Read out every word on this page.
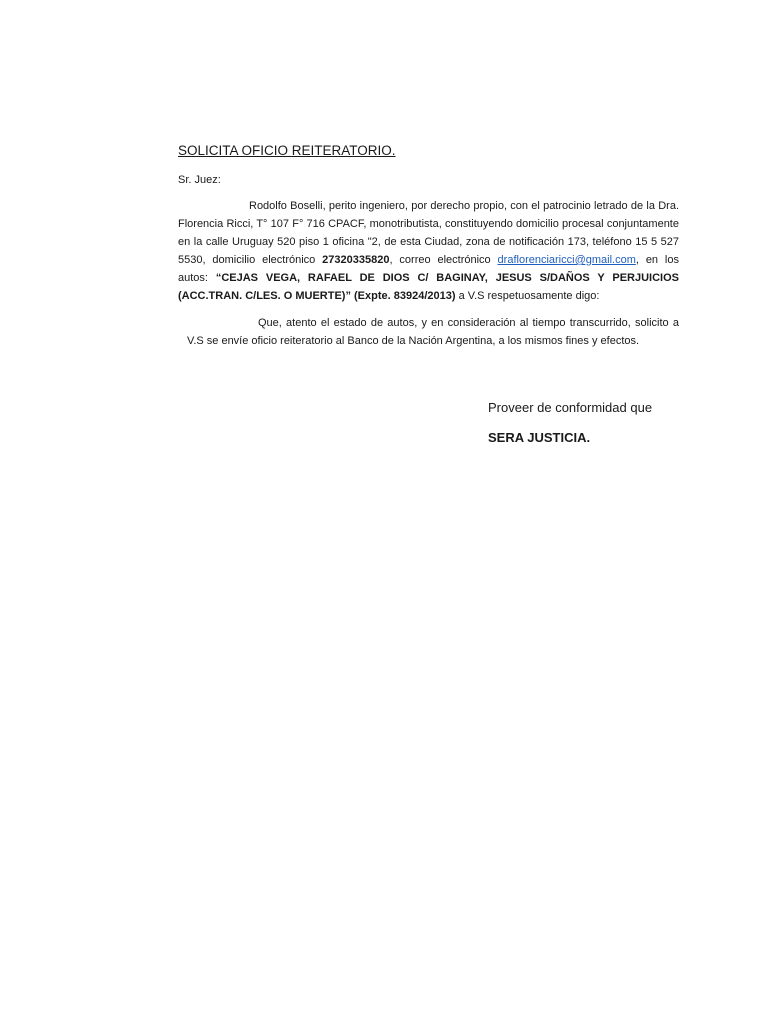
SOLICITA OFICIO REITERATORIO.

Sr. Juez:

Rodolfo Boselli, perito ingeniero, por derecho propio, con el patrocinio letrado de la Dra. Florencia Ricci, T° 107 F° 716 CPACF, monotributista, constituyendo domicilio procesal conjuntamente en la calle Uruguay 520 piso 1 oficina "2, de esta Ciudad, zona de notificación 173, teléfono 15 5 527 5530, domicilio electrónico 27320335820, correo electrónico draflorenciaricci@gmail.com, en los autos: “CEJAS VEGA, RAFAEL DE DIOS C/ BAGINAY, JESUS S/DAÑOS Y PERJUICIOS (ACC.TRAN. C/LES. O MUERTE)” (Expte. 83924/2013) a V.S respetuosamente digo:

Que, atento el estado de autos, y en consideración al tiempo transcurrido, solicito a V.S se envíe oficio reiteratorio al Banco de la Nación Argentina, a los mismos fines y efectos.

Proveer de conformidad que
SERA JUSTICIA.
